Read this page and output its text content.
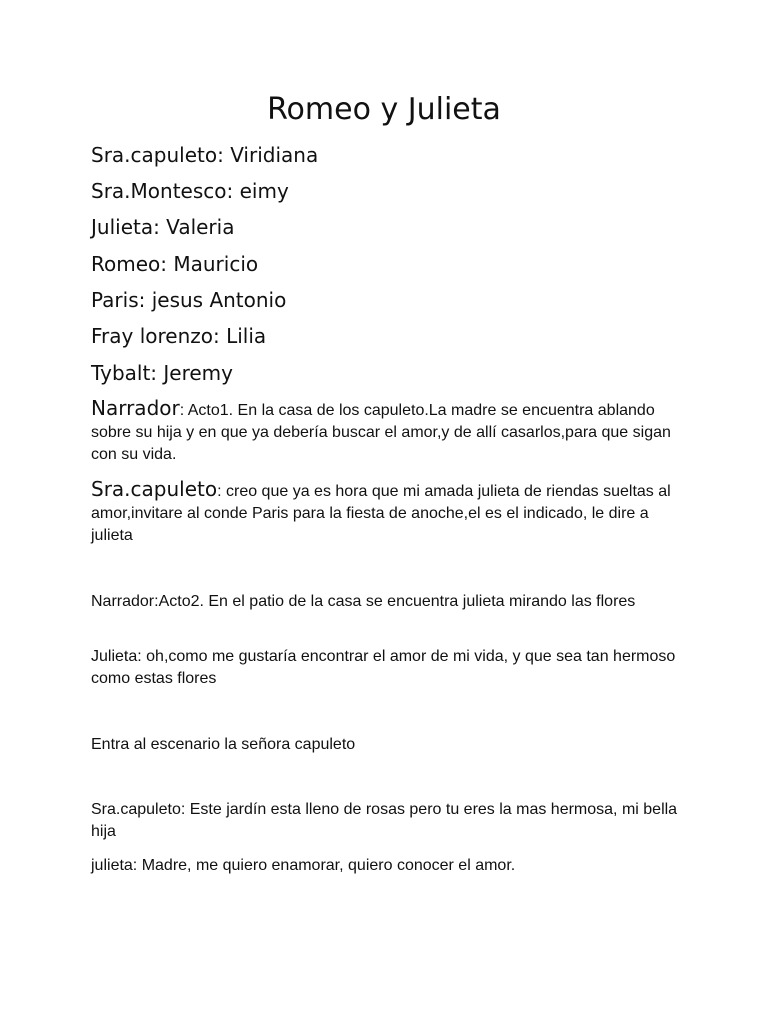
Romeo y Julieta
Sra.capuleto: Viridiana
Sra.Montesco: eimy
Julieta: Valeria
Romeo: Mauricio
Paris: jesus Antonio
Fray lorenzo: Lilia
Tybalt: Jeremy
Narrador: Acto1. En la casa de los capuleto.La madre se encuentra ablando sobre su hija y en que ya debería buscar el amor,y de allí casarlos,para que sigan con su vida.
Sra.capuleto: creo que ya es hora que mi amada julieta de riendas sueltas al amor,invitare al conde Paris para la fiesta de anoche,el es el indicado, le dire a julieta
Narrador:Acto2. En el patio de la casa se encuentra julieta mirando las flores
Julieta: oh,como me gustaría encontrar el amor de mi vida, y que sea tan hermoso como estas flores
Entra al escenario la señora capuleto
Sra.capuleto: Este jardín esta lleno de rosas pero tu eres la mas hermosa, mi bella hija
julieta: Madre, me quiero enamorar, quiero conocer el amor.
